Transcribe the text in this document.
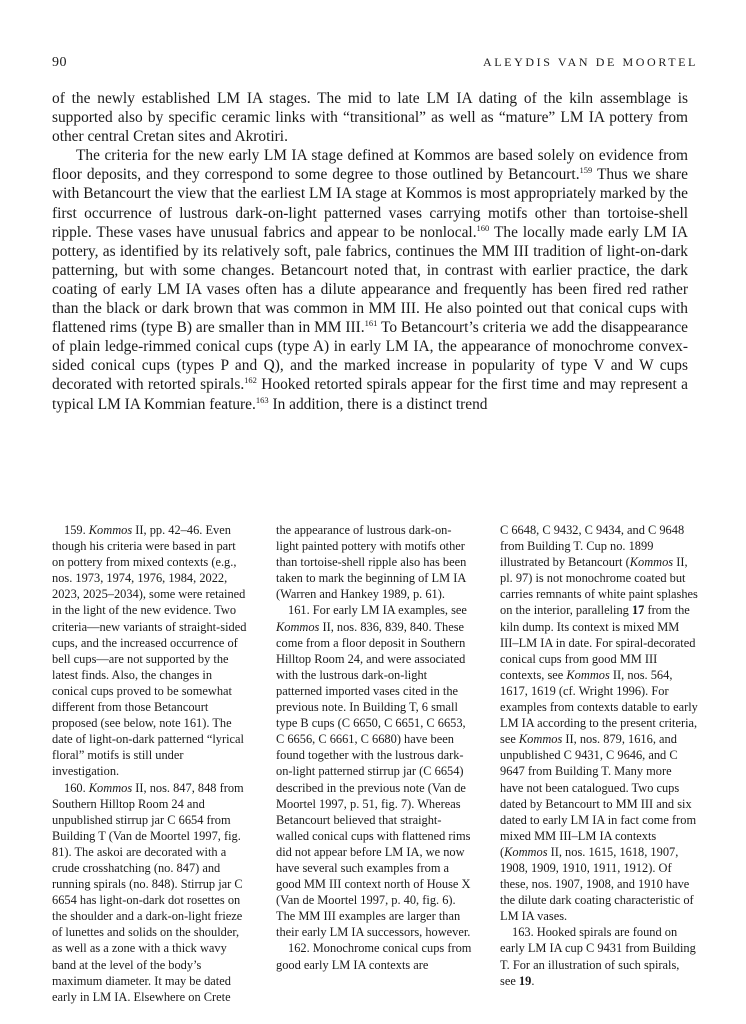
90	ALEYDIS VAN DE MOORTEL

of the newly established LM IA stages. The mid to late LM IA dating of the kiln assemblage is supported also by specific ceramic links with “transitional” as well as “mature” LM IA pottery from other central Cretan sites and Akrotiri.

The criteria for the new early LM IA stage defined at Kommos are based solely on evidence from floor deposits, and they correspond to some degree to those outlined by Betancourt.$^{159}$ Thus we share with Betancourt the view that the earliest LM IA stage at Kommos is most appropriately marked by the first occurrence of lustrous dark-on-light patterned vases carrying motifs other than tortoise-shell ripple. These vases have unusual fabrics and appear to be nonlocal.$^{160}$ The locally made early LM IA pottery, as identified by its relatively soft, pale fabrics, continues the MM III tradition of light-on-dark patterning, but with some changes. Betancourt noted that, in contrast with earlier practice, the dark coating of early LM IA vases often has a dilute appearance and frequently has been fired red rather than the black or dark brown that was common in MM III. He also pointed out that conical cups with flattened rims (type B) are smaller than in MM III.$^{161}$ To Betancourt’s criteria we add the disappearance of plain ledge-rimmed conical cups (type A) in early LM IA, the appearance of monochrome convex-sided conical cups (types P and Q), and the marked increase in popularity of type V and W cups decorated with retorted spirals.$^{162}$ Hooked retorted spirals appear for the first time and may represent a typical LM IA Kommian feature.$^{163}$ In addition, there is a distinct trend

159. Kommos II, pp. 42–46. Even though his criteria were based in part on pottery from mixed contexts (e.g., nos. 1973, 1974, 1976, 1984, 2022, 2023, 2025–2034), some were retained in the light of the new evidence. Two criteria—new variants of straight-sided cups, and the increased occurrence of bell cups—are not supported by the latest finds. Also, the changes in conical cups proved to be somewhat different from those Betancourt proposed (see below, note 161). The date of light-on-dark patterned “lyrical floral” motifs is still under investigation.

160. Kommos II, nos. 847, 848 from Southern Hilltop Room 24 and unpublished stirrup jar C 6654 from Building T (Van de Moortel 1997, fig. 81). The askoi are decorated with a crude crosshatching (no. 847) and running spirals (no. 848). Stirrup jar C 6654 has light-on-dark dot rosettes on the shoulder and a dark-on-light frieze of lunettes and solids on the shoulder, as well as a zone with a thick wavy band at the level of the body’s maximum diameter. It may be dated early in LM IA. Elsewhere on Crete

the appearance of lustrous dark-on-light painted pottery with motifs other than tortoise-shell ripple also has been taken to mark the beginning of LM IA (Warren and Hankey 1989, p. 61).

161. For early LM IA examples, see Kommos II, nos. 836, 839, 840. These come from a floor deposit in Southern Hilltop Room 24, and were associated with the lustrous dark-on-light patterned imported vases cited in the previous note. In Building T, 6 small type B cups (C 6650, C 6651, C 6653, C 6656, C 6661, C 6680) have been found together with the lustrous dark-on-light patterned stirrup jar (C 6654) described in the previous note (Van de Moortel 1997, p. 51, fig. 7). Whereas Betancourt believed that straight-walled conical cups with flattened rims did not appear before LM IA, we now have several such examples from a good MM III context north of House X (Van de Moortel 1997, p. 40, fig. 6). The MM III examples are larger than their early LM IA successors, however.

162. Monochrome conical cups from good early LM IA contexts are

C 6648, C 9432, C 9434, and C 9648 from Building T. Cup no. 1899 illustrated by Betancourt (Kommos II, pl. 97) is not monochrome coated but carries remnants of white paint splashes on the interior, paralleling 17 from the kiln dump. Its context is mixed MM III–LM IA in date. For spiral-decorated conical cups from good MM III contexts, see Kommos II, nos. 564, 1617, 1619 (cf. Wright 1996). For examples from contexts datable to early LM IA according to the present criteria, see Kommos II, nos. 879, 1616, and unpublished C 9431, C 9646, and C 9647 from Building T. Many more have not been catalogued. Two cups dated by Betancourt to MM III and six dated to early LM IA in fact come from mixed MM III–LM IA contexts (Kommos II, nos. 1615, 1618, 1907, 1908, 1909, 1910, 1911, 1912). Of these, nos. 1907, 1908, and 1910 have the dilute dark coating characteristic of LM IA vases.

163. Hooked spirals are found on early LM IA cup C 9431 from Building T. For an illustration of such spirals, see 19.
